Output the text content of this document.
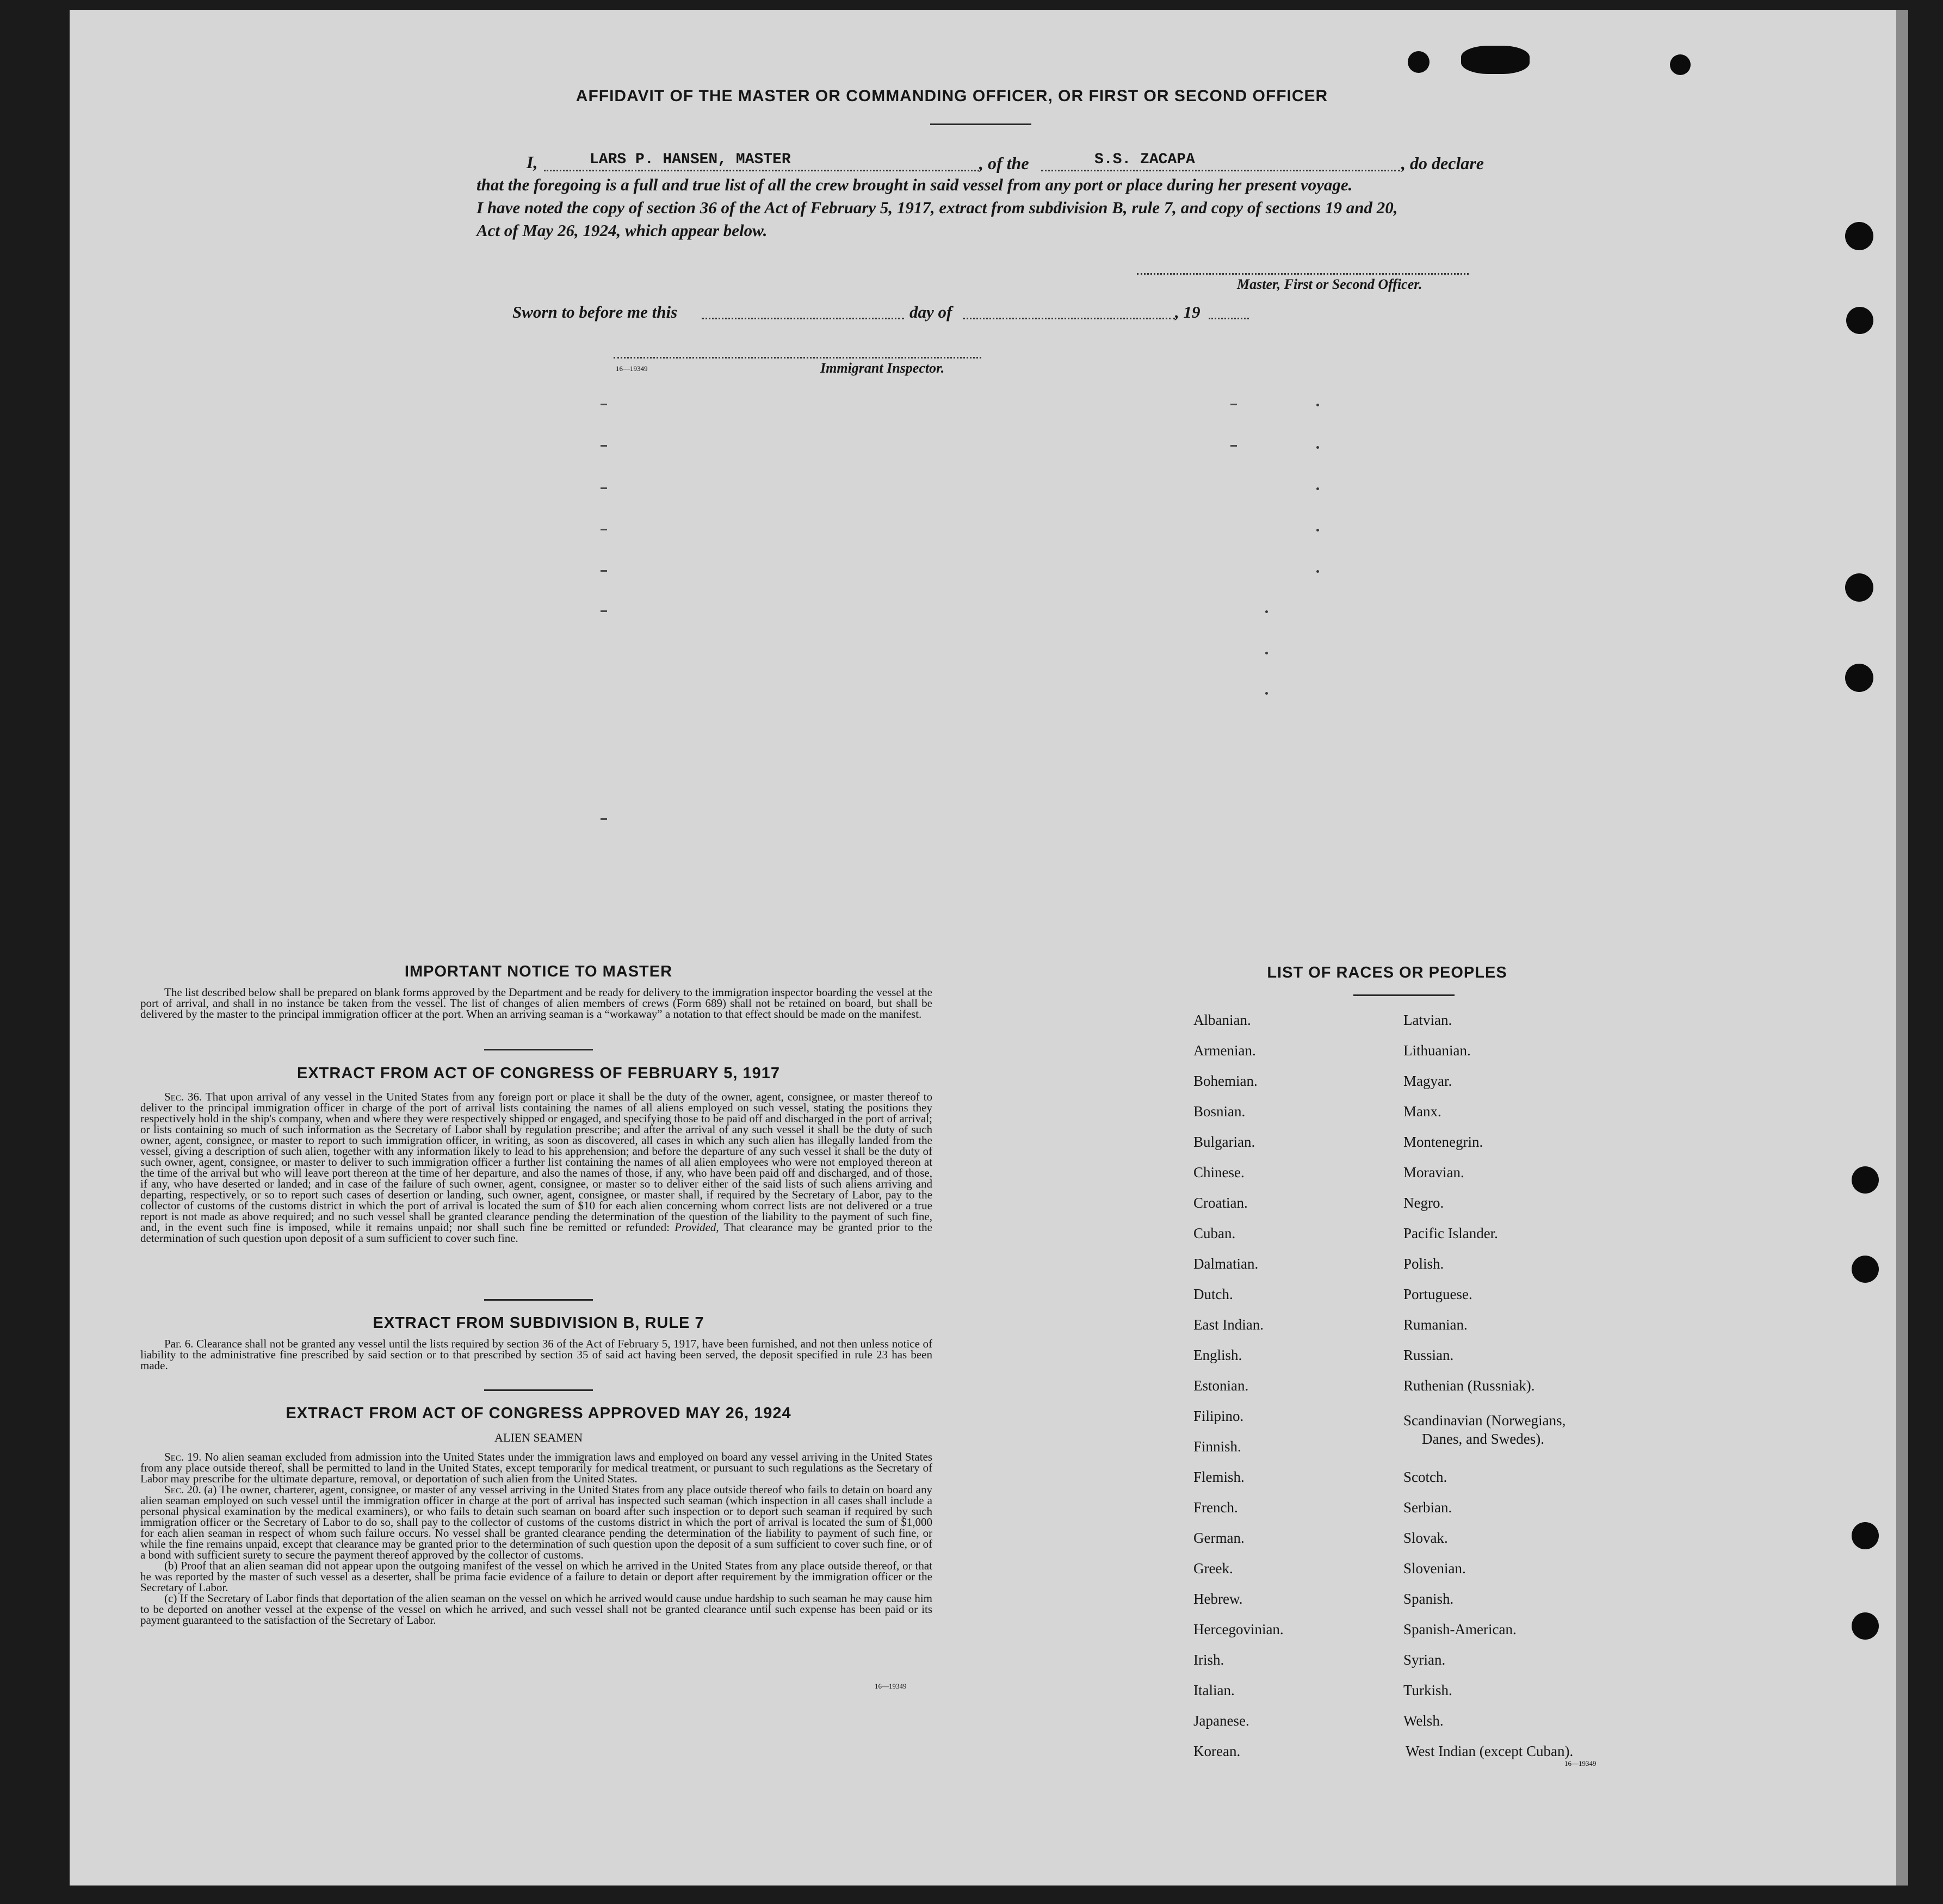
AFFIDAVIT OF THE MASTER OR COMMANDING OFFICER, OR FIRST OR SECOND OFFICER
I,	LARS P. HANSEN, MASTER	, of the	S.S. ZACAPA	, do declare
that the foregoing is a full and true list of all the crew brought in said vessel from any port or place during her present voyage.
I have noted the copy of section 36 of the Act of February 5, 1917, extract from subdivision B, rule 7, and copy of sections 19 and 20,
Act of May 26, 1924, which appear below.
Master, First or Second Officer.
Sworn to before me this	day of	, 19
16—19349	Immigrant Inspector.
IMPORTANT NOTICE TO MASTER
The list described below shall be prepared on blank forms approved by the Department and be ready for delivery to the immigration inspector boarding the vessel at the port of arrival, and shall in no instance be taken from the vessel. The list of changes of alien members of crews (Form 689) shall not be retained on board, but shall be delivered by the master to the principal immigration officer at the port. When an arriving seaman is a “workaway” a notation to that effect should be made on the manifest.
EXTRACT FROM ACT OF CONGRESS OF FEBRUARY 5, 1917
Sec. 36. That upon arrival of any vessel in the United States from any foreign port or place it shall be the duty of the owner, agent, consignee, or master thereof to deliver to the principal immigration officer in charge of the port of arrival lists containing the names of all aliens employed on such vessel, stating the positions they respectively hold in the ship's company, when and where they were respectively shipped or engaged, and specifying those to be paid off and discharged in the port of arrival; or lists containing so much of such information as the Secretary of Labor shall by regulation prescribe; and after the arrival of any such vessel it shall be the duty of such owner, agent, consignee, or master to report to such immigration officer, in writing, as soon as discovered, all cases in which any such alien has illegally landed from the vessel, giving a description of such alien, together with any information likely to lead to his apprehension; and before the departure of any such vessel it shall be the duty of such owner, agent, consignee, or master to deliver to such immigration officer a further list containing the names of all alien employees who were not employed thereon at the time of the arrival but who will leave port thereon at the time of her departure, and also the names of those, if any, who have been paid off and discharged, and of those, if any, who have deserted or landed; and in case of the failure of such owner, agent, consignee, or master so to deliver either of the said lists of such aliens arriving and departing, respectively, or so to report such cases of desertion or landing, such owner, agent, consignee, or master shall, if required by the Secretary of Labor, pay to the collector of customs of the customs district in which the port of arrival is located the sum of $10 for each alien concerning whom correct lists are not delivered or a true report is not made as above required; and no such vessel shall be granted clearance pending the determination of the question of the liability to the payment of such fine, and, in the event such fine is imposed, while it remains unpaid; nor shall such fine be remitted or refunded: Provided, That clearance may be granted prior to the determination of such question upon deposit of a sum sufficient to cover such fine.
EXTRACT FROM SUBDIVISION B, RULE 7
Par. 6. Clearance shall not be granted any vessel until the lists required by section 36 of the Act of February 5, 1917, have been furnished, and not then unless notice of liability to the administrative fine prescribed by said section or to that prescribed by section 35 of said act having been served, the deposit specified in rule 23 has been made.
EXTRACT FROM ACT OF CONGRESS APPROVED MAY 26, 1924
ALIEN SEAMEN
Sec. 19. No alien seaman excluded from admission into the United States under the immigration laws and employed on board any vessel arriving in the United States from any place outside thereof, shall be permitted to land in the United States, except temporarily for medical treatment, or pursuant to such regulations as the Secretary of Labor may prescribe for the ultimate departure, removal, or deportation of such alien from the United States.
Sec. 20. (a) The owner, charterer, agent, consignee, or master of any vessel arriving in the United States from any place outside thereof who fails to detain on board any alien seaman employed on such vessel until the immigration officer in charge at the port of arrival has inspected such seaman (which inspection in all cases shall include a personal physical examination by the medical examiners), or who fails to detain such seaman on board after such inspection or to deport such seaman if required by such immigration officer or the Secretary of Labor to do so, shall pay to the collector of customs of the customs district in which the port of arrival is located the sum of $1,000 for each alien seaman in respect of whom such failure occurs. No vessel shall be granted clearance pending the determination of the liability to payment of such fine, or while the fine remains unpaid, except that clearance may be granted prior to the determination of such question upon the deposit of a sum sufficient to cover such fine, or of a bond with sufficient surety to secure the payment thereof approved by the collector of customs.
(b) Proof that an alien seaman did not appear upon the outgoing manifest of the vessel on which he arrived in the United States from any place outside thereof, or that he was reported by the master of such vessel as a deserter, shall be prima facie evidence of a failure to detain or deport after requirement by the immigration officer or the Secretary of Labor.
(c) If the Secretary of Labor finds that deportation of the alien seaman on the vessel on which he arrived would cause undue hardship to such seaman he may cause him to be deported on another vessel at the expense of the vessel on which he arrived, and such vessel shall not be granted clearance until such expense has been paid or its payment guaranteed to the satisfaction of the Secretary of Labor.
16—19349
LIST OF RACES OR PEOPLES
Albanian.
Armenian.
Bohemian.
Bosnian.
Bulgarian.
Chinese.
Croatian.
Cuban.
Dalmatian.
Dutch.
East Indian.
English.
Estonian.
Filipino.
Finnish.
Flemish.
French.
German.
Greek.
Hebrew.
Hercegovinian.
Irish.
Italian.
Japanese.
Korean.
Latvian.
Lithuanian.
Magyar.
Manx.
Montenegrin.
Moravian.
Negro.
Pacific Islander.
Polish.
Portuguese.
Rumanian.
Russian.
Ruthenian (Russniak).
Scandinavian (Norwegians,
Danes, and Swedes).
Scotch.
Serbian.
Slovak.
Slovenian.
Spanish.
Spanish-American.
Syrian.
Turkish.
Welsh.
West Indian (except Cuban).
16—19349
